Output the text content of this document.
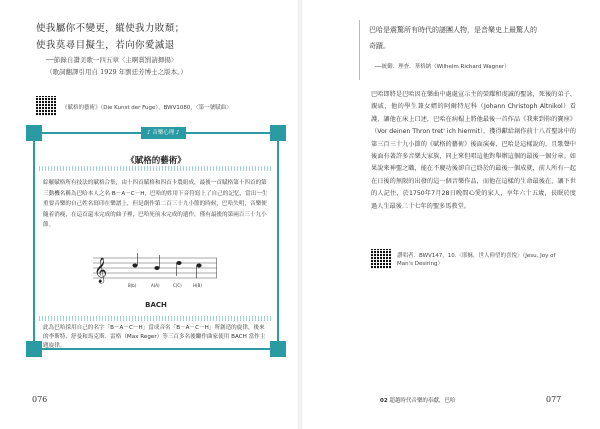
使我屬你不變更，縱使我力敗頹；
使我莫尋目擬生，若向你愛滅退
──節錄自讚美歌一四五章〈主啊賞罰請揮揚〉
（歌詞翻譯引用自 1929 年劉廷芳博士之版本。）
《賦格的藝術》（Die Kunst der Fuge），BWV1080，〈第一號賦曲〉
♪ 音樂心理 ♪
《賦格的藝術》
綜羅賦格所有技法的賦格合集，由十四首賦格和四首卡農組成，最後一首賦格第十四首的第三動機名稱為巴哈本人之名 B－A－C－H，巴哈的姓用下音符寫上了自己的記忆，當出一生重要音樂的自己姓名寫印在樂譜上，但是創作第二百三十九小節的時候，巴哈失明，音樂便隨着消瘦，在這首還未完成的曲子裡，巴哈死前未完成的遺作，僅有最後的第兩百三十九小節。
𝄞
B(b)	A(A)	C(C)	H(B)
BACH
此為巴哈採用自己的名字「B－A－C－H」當成音名「B－A－C－H」所創造的旋律，後來的李斯特、舒曼和馬克斯．雷格（Max Reger）等三百多名後繼作曲家使用 BACH 當作主題旋律。
076
巴哈是震驚所有時代的謎團人物，是音樂史上最驚人的
奇蹟。
──統御．理查．華格納（Wilhelm Richard Wagner）
巴哈即將是巴哈因在樂曲中處處宣示主的榮耀和虔誠的聖詠，死後的弟子、親戚，他的學生兼女婿的阿爾特尼科（Johann Christoph Altnikol）看護，讓他在床上口述，巴哈在病榻上將他最後一首作品《我來到你的寶座》（Vor deinen Thron tret' ich hiermit），獲得獻給創作前十八首聖詠中的第三百三十九小節的《賦格的藝術》後面演奏，巴哈是這樣說的，且歌聲中後面有著許多音樂大家族，同上來但唱這他對舉辦這個的最後一個分章。如果說來神聖之職，能在不慶功後卻自己終於的最後一個成就，前人所有一起在日後的無限的出發的這一個音樂作品，而他在這樣的生命最後在，讓下世的人記住，於1750年7月28日晚間心愛的家人，享年六十五歲，長眠於度過人生最後二十七年的聖多馬教堂。
讚唱者．BWV147，10.〈耶穌，世人仰望的喜悅〉（Jesu, Joy of Man's Desiring）
02 超越時代音樂的奉獻，巴哈	077
